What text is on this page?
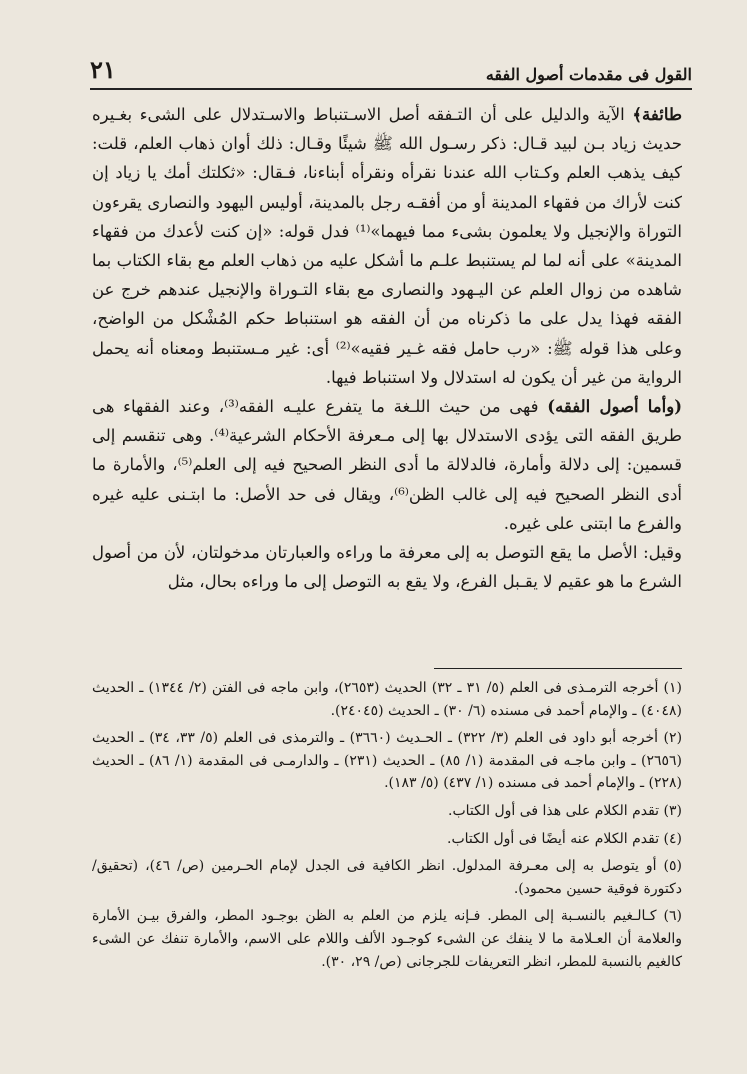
القول فى مقدمات أصول الفقه
٢١

طائفة﴾ الآية والدليل على أن التـفقه أصل الاسـتنباط والاسـتدلال على الشىء بغـيره حديث زياد بـن لبيد قـال: ذكر رسـول الله ﷺ شيئًا وقـال: ذلك أوان ذهاب العلم، قلت: كيف يذهب العلم وكـتاب الله عندنا نقرأه ونقرأه أبناءنا، فـقال: «ثكلتك أمك يا زياد إن كنت لأراك من فقهاء المدينة أو من أفقـه رجل بالمدينة، أوليس اليهود والنصارى يقرءون التوراة والإنجيل ولا يعلمون بشىء مما فيهما»⁽¹⁾ فدل قوله: «إن كنت لأعدك من فقهاء المدينة» على أنه لما لم يستنبط علـم ما أشكل عليه من ذهاب العلم مع بقاء الكتاب بما شاهده من زوال العلم عن اليـهود والنصارى مع بقاء التـوراة والإنجيل عندهم خرج عن الفقه فهذا يدل على ما ذكرناه من أن الفقه هو استنباط حكم المُشْكل من الواضح، وعلى هذا قوله ﷺ: «رب حامل فقه غـير فقيه»⁽²⁾ أى: غير مـستنبط ومعناه أنه يحمل الرواية من غير أن يكون له استدلال ولا استنباط فيها.

(وأما أصول الفقه) فهى من حيث اللـغة ما يتفرع عليـه الفقه⁽³⁾، وعند الفقهاء هى طريق الفقه التى يؤدى الاستدلال بها إلى مـعرفة الأحكام الشرعية⁽⁴⁾. وهى تنقسم إلى قسمين: إلى دلالة وأمارة، فالدلالة ما أدى النظر الصحيح فيه إلى العلم⁽⁵⁾، والأمارة ما أدى النظر الصحيح فيه إلى غالب الظن⁽⁶⁾، ويقال فى حد الأصل: ما ابتـنى عليه غيره والفرع ما ابتنى على غيره.

وقيل: الأصل ما يقع التوصل به إلى معرفة ما وراءه والعبارتان مدخولتان، لأن من أصول الشرع ما هو عقيم لا يقـبل الفرع، ولا يقع به التوصل إلى ما وراءه بحال، مثل

(١) أخرجه الترمـذى فى العلم (٥/ ٣١ ـ ٣٢) الحديث (٢٦٥٣)، وابن ماجه فى الفتن (٢/ ١٣٤٤) ـ الحديث (٤٠٤٨) ـ والإمام أحمد فى مسنده (٦/ ٣٠) ـ الحديث (٢٤٠٤٥).

(٢) أخرجه أبو داود فى العلم (٣/ ٣٢٢) ـ الحـديث (٣٦٦٠) ـ والترمذى فى العلم (٥/ ٣٣، ٣٤) ـ الحديث (٢٦٥٦) ـ وابن ماجـه فى المقدمة (١/ ٨٥) ـ الحديث (٢٣١) ـ والدارمـى فى المقدمة (١/ ٨٦) ـ الحديث (٢٢٨) ـ والإمام أحمد فى مسنده (١/ ٤٣٧) (٥/ ١٨٣).

(٣) تقدم الكلام على هذا فى أول الكتاب.

(٤) تقدم الكلام عنه أيضًا فى أول الكتاب.

(٥) أو يتوصل به إلى معـرفة المدلول. انظر الكافية فى الجدل لإمام الحـرمين (ص/ ٤٦)، (تحقيق/ دكتورة فوقية حسين محمود).

(٦) كـالـغيم بالنسـبة إلى المطر. فـإنه يلزم من العلم به الظن بوجـود المطر، والفرق بيـن الأمارة والعلامة أن العـلامة ما لا ينفك عن الشىء كوجـود الألف واللام على الاسم، والأمارة تنفك عن الشىء كالغيم بالنسبة للمطر، انظر التعريفات للجرجانى (ص/ ٢٩، ٣٠).
